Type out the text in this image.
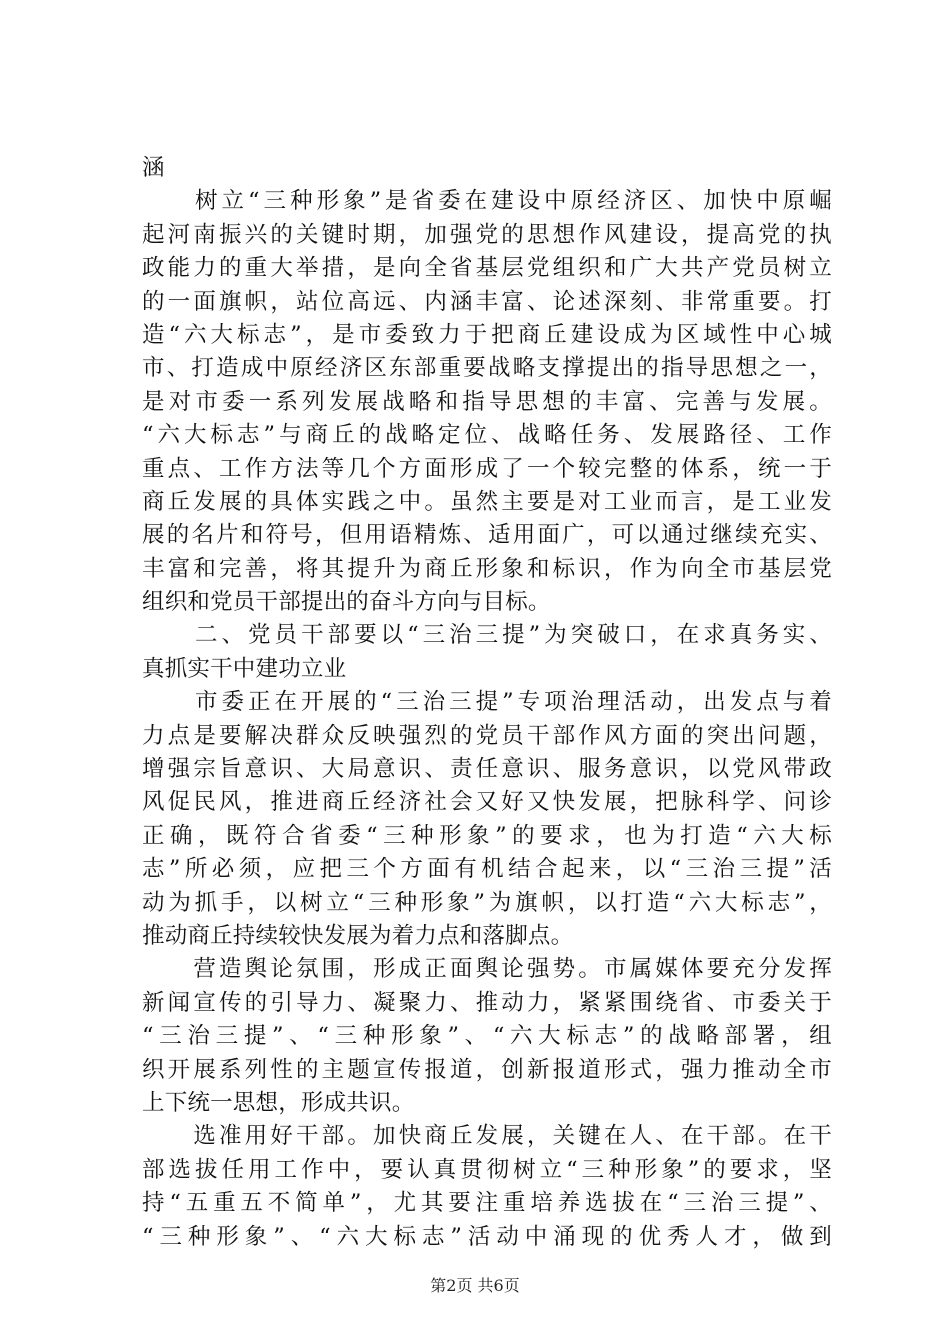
涵
　　树立“三种形象”是省委在建设中原经济区、加快中原崛
起河南振兴的关键时期，加强党的思想作风建设，提高党的执
政能力的重大举措，是向全省基层党组织和广大共产党员树立
的一面旗帜，站位高远、内涵丰富、论述深刻、非常重要。打
造“六大标志”，是市委致力于把商丘建设成为区域性中心城
市、打造成中原经济区东部重要战略支撑提出的指导思想之一，
是对市委一系列发展战略和指导思想的丰富、完善与发展。
“六大标志”与商丘的战略定位、战略任务、发展路径、工作
重点、工作方法等几个方面形成了一个较完整的体系，统一于
商丘发展的具体实践之中。虽然主要是对工业而言，是工业发
展的名片和符号，但用语精炼、适用面广，可以通过继续充实、
丰富和完善，将其提升为商丘形象和标识，作为向全市基层党
组织和党员干部提出的奋斗方向与目标。
　　二、党员干部要以“三治三提”为突破口，在求真务实、
真抓实干中建功立业
　　市委正在开展的“三治三提”专项治理活动，出发点与着
力点是要解决群众反映强烈的党员干部作风方面的突出问题，
增强宗旨意识、大局意识、责任意识、服务意识，以党风带政
风促民风，推进商丘经济社会又好又快发展，把脉科学、问诊
正确，既符合省委“三种形象”的要求，也为打造“六大标
志”所必须，应把三个方面有机结合起来，以“三治三提”活
动为抓手，以树立“三种形象”为旗帜，以打造“六大标志”，
推动商丘持续较快发展为着力点和落脚点。
　　营造舆论氛围，形成正面舆论强势。市属媒体要充分发挥
新闻宣传的引导力、凝聚力、推动力，紧紧围绕省、市委关于
“三治三提”、“三种形象”、“六大标志”的战略部署，组
织开展系列性的主题宣传报道，创新报道形式，强力推动全市
上下统一思想，形成共识。
　　选准用好干部。加快商丘发展，关键在人、在干部。在干
部选拔任用工作中，要认真贯彻树立“三种形象”的要求，坚
持“五重五不简单”，尤其要注重培养选拔在“三治三提”、
“三种形象”、“六大标志”活动中涌现的优秀人才，做到
第2页 共6页
